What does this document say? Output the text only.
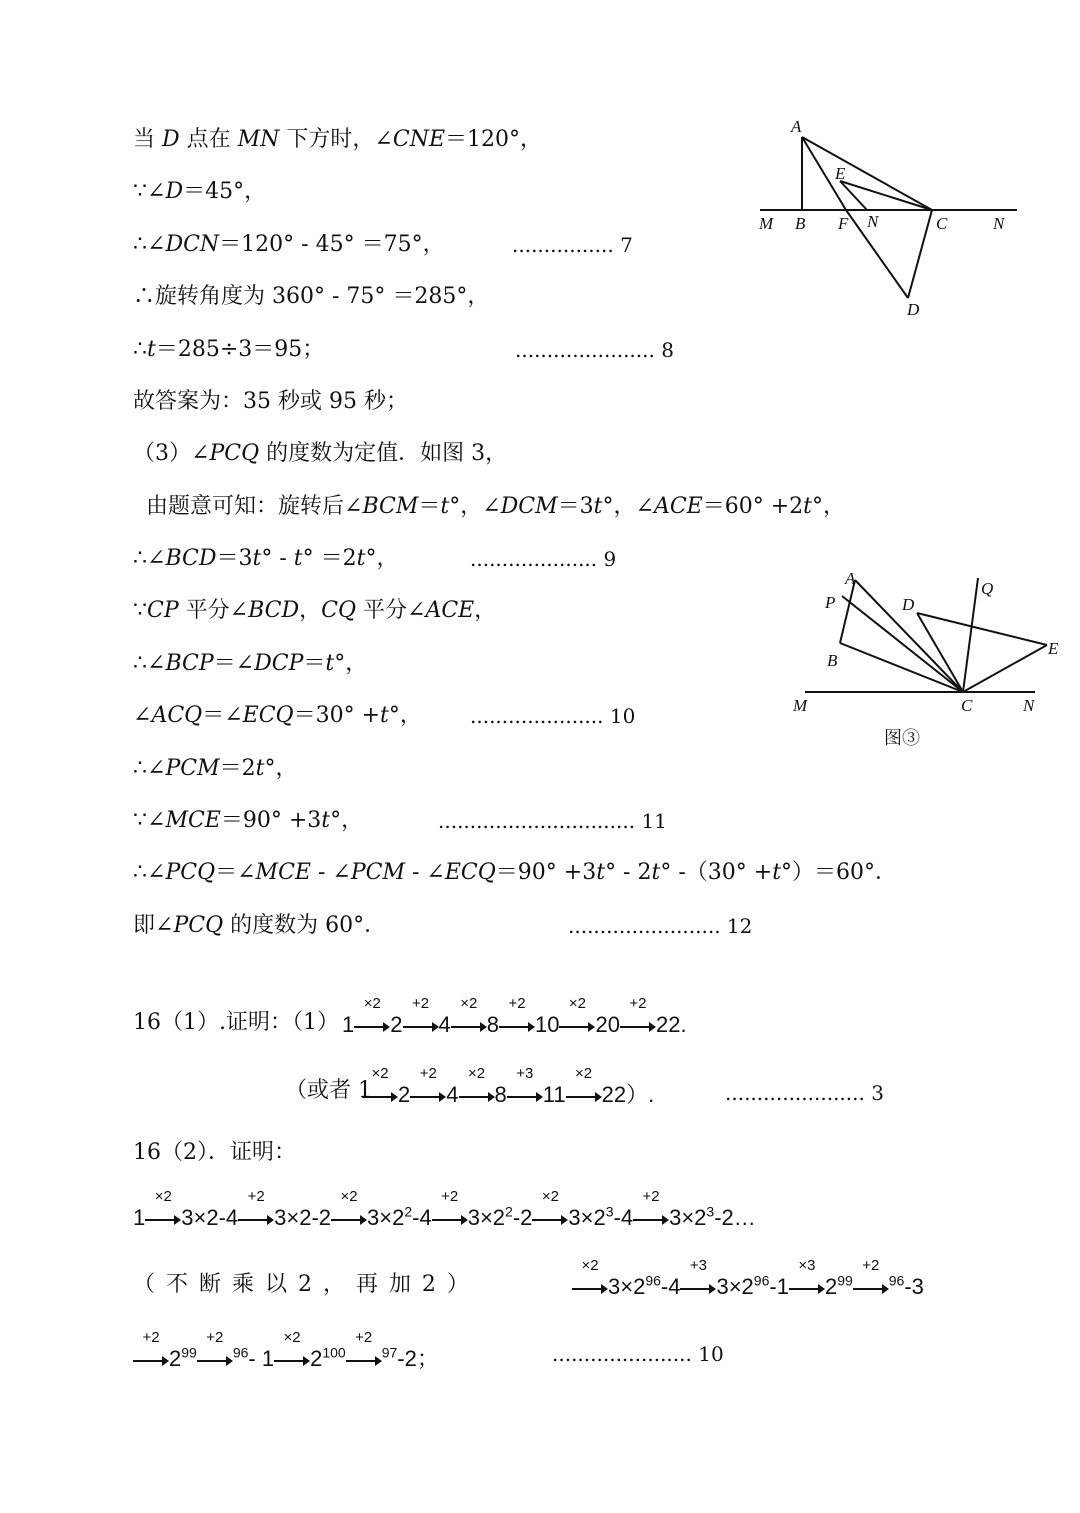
当 D 点在 MN 下方时，∠CNE＝120°，
∵∠D＝45°，
∴∠DCN＝120° - 45° ＝75°，	................ 7
∴旋转角度为 360° - 75° ＝285°，
∴t＝285÷3＝95；	...................... 8
故答案为：35 秒或 95 秒；
（3）∠PCQ 的度数为定值．如图 3，
由题意可知：旋转后∠BCM＝t°，∠DCM＝3t°，∠ACE＝60° +2t°，
∴∠BCD＝3t° - t° ＝2t°，	.................... 9
∵CP 平分∠BCD，CQ 平分∠ACE，
∴∠BCP＝∠DCP＝t°，
∠ACQ＝∠ECQ＝30° +t°， ..................... 10
∴∠PCM＝2t°，
∵∠MCE＝90° +3t°，	............................... 11
∴∠PCQ＝∠MCE - ∠PCM - ∠ECQ＝90° +3t° - 2t° -（30° +t°）＝60°．
即∠PCQ 的度数为 60°．	........................ 12
A
E
M B F N	C	N
D
A
P	D
Q
E
B
M	C	N
图③
16（1）.证明：（1） 1
×2
2
+2
4
×2
8
+2
10
×2
20
+2
22.
（或者 1
×2
2
+2
4
×2
8
+3
11
×2
22）.	...................... 3
16（2）．证明：
1
×2
3×2-4
+2
3×2-2
×2
$3\times 2^2-4$
+2
$3\times 2^2-2$
×2
$3\times 2^3-4$
+2
$3\times 2^3-2\dots$
（ 不 断 乘 以 2 ， 再 加 2 ）
×2
$3\times 2^{96}-4$
+3
$3\times 2^{96}-1$
×3
$2^{99}$
+2
$^{96}$-3
+2
$2^{99}$
+2
$^{96}$- 1
×2
$2^{100}$
+2
$^{97}$-2；	...................... 10
